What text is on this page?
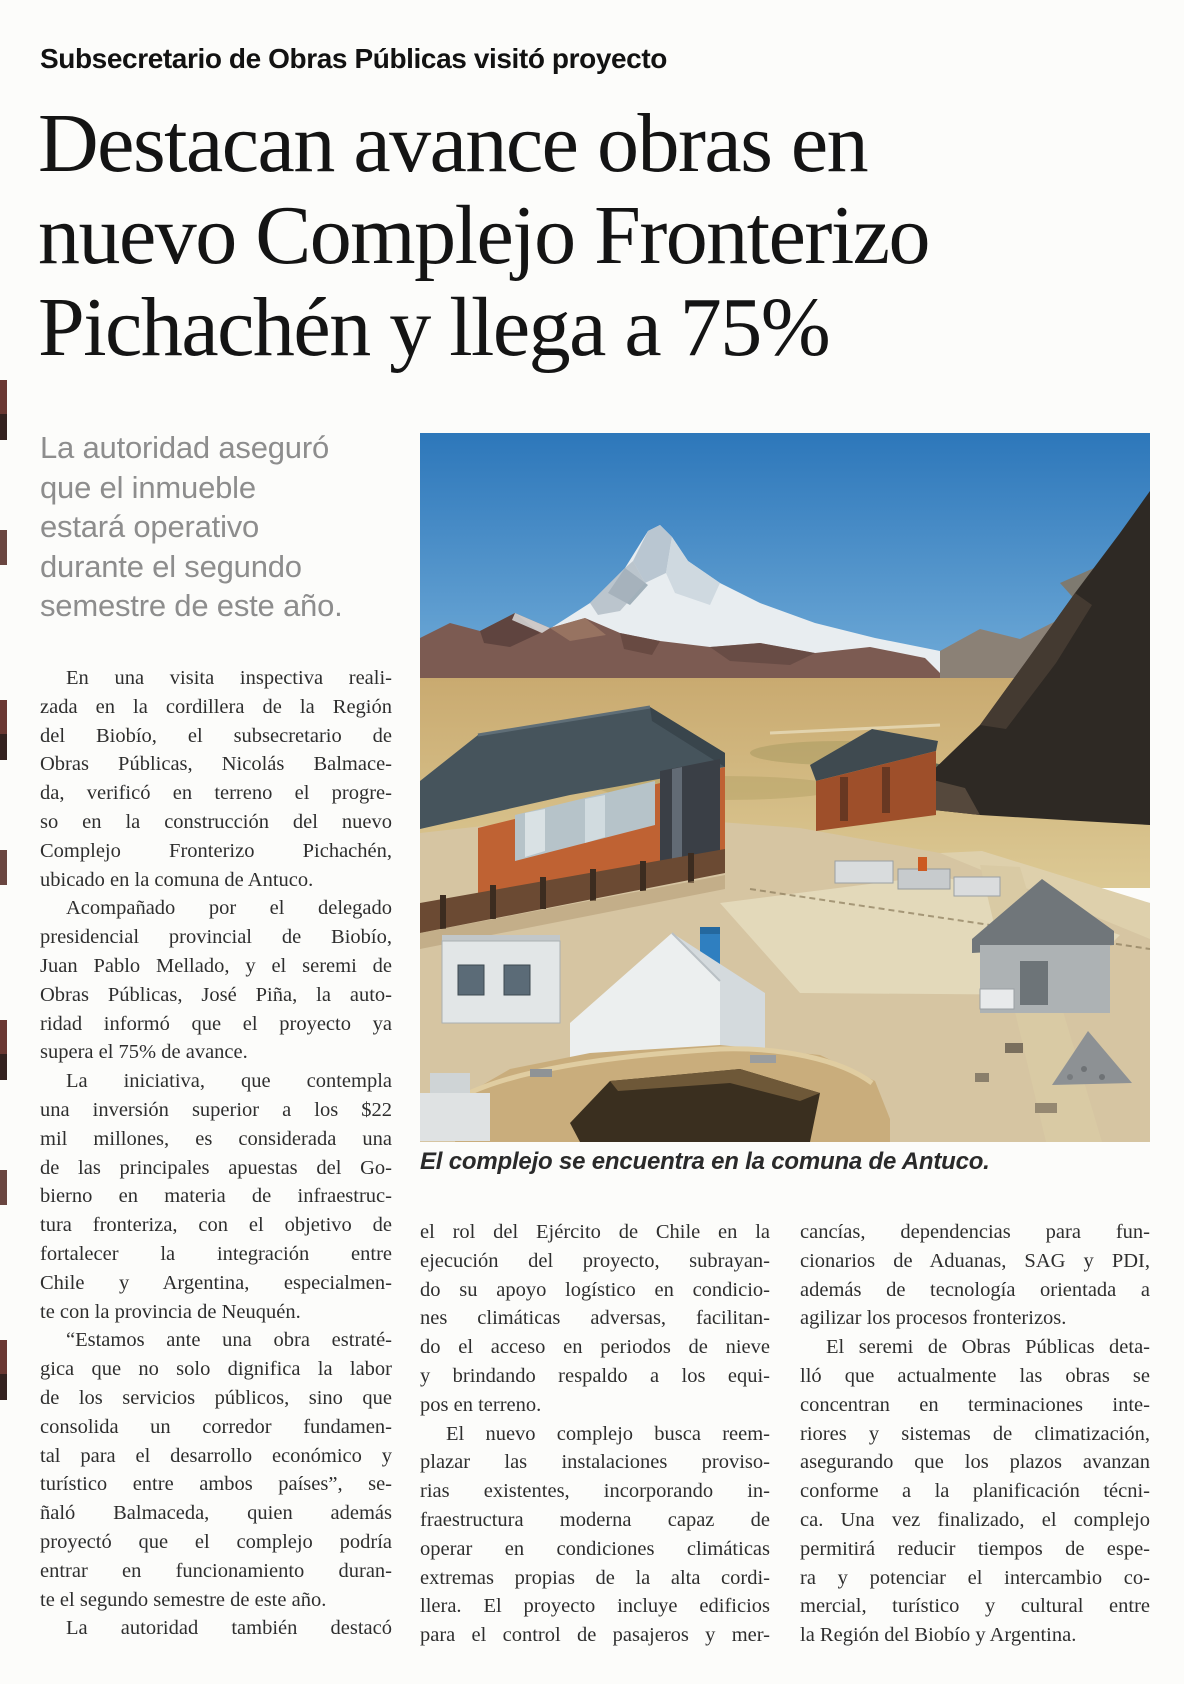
Subsecretario de Obras Públicas visitó proyecto
Destacan avance obras en
nuevo Complejo Fronterizo
Pichachén y llega a 75%
La autoridad aseguró
que el inmueble
estará operativo
durante el segundo
semestre de este año.
En una visita inspectiva reali-
zada en la cordillera de la Región
del Biobío, el subsecretario de
Obras Públicas, Nicolás Balmace-
da, verificó en terreno el progre-
so en la construcción del nuevo
Complejo Fronterizo Pichachén,
ubicado en la comuna de Antuco.
Acompañado por el delegado
presidencial provincial de Biobío,
Juan Pablo Mellado, y el seremi de
Obras Públicas, José Piña, la auto-
ridad informó que el proyecto ya
supera el 75% de avance.
La iniciativa, que contempla
una inversión superior a los $22
mil millones, es considerada una
de las principales apuestas del Go-
bierno en materia de infraestruc-
tura fronteriza, con el objetivo de
fortalecer la integración entre
Chile y Argentina, especialmen-
te con la provincia de Neuquén.
“Estamos ante una obra estraté-
gica que no solo dignifica la labor
de los servicios públicos, sino que
consolida un corredor fundamen-
tal para el desarrollo económico y
turístico entre ambos países”, se-
ñaló Balmaceda, quien además
proyectó que el complejo podría
entrar en funcionamiento duran-
te el segundo semestre de este año.
La autoridad también destacó
El complejo se encuentra en la comuna de Antuco.
el rol del Ejército de Chile en la
ejecución del proyecto, subrayan-
do su apoyo logístico en condicio-
nes climáticas adversas, facilitan-
do el acceso en periodos de nieve
y brindando respaldo a los equi-
pos en terreno.
El nuevo complejo busca reem-
plazar las instalaciones proviso-
rias existentes, incorporando in-
fraestructura moderna capaz de
operar en condiciones climáticas
extremas propias de la alta cordi-
llera. El proyecto incluye edificios
para el control de pasajeros y mer-
cancías, dependencias para fun-
cionarios de Aduanas, SAG y PDI,
además de tecnología orientada a
agilizar los procesos fronterizos.
El seremi de Obras Públicas deta-
lló que actualmente las obras se
concentran en terminaciones inte-
riores y sistemas de climatización,
asegurando que los plazos avanzan
conforme a la planificación técni-
ca. Una vez finalizado, el complejo
permitirá reducir tiempos de espe-
ra y potenciar el intercambio co-
mercial, turístico y cultural entre
la Región del Biobío y Argentina.
